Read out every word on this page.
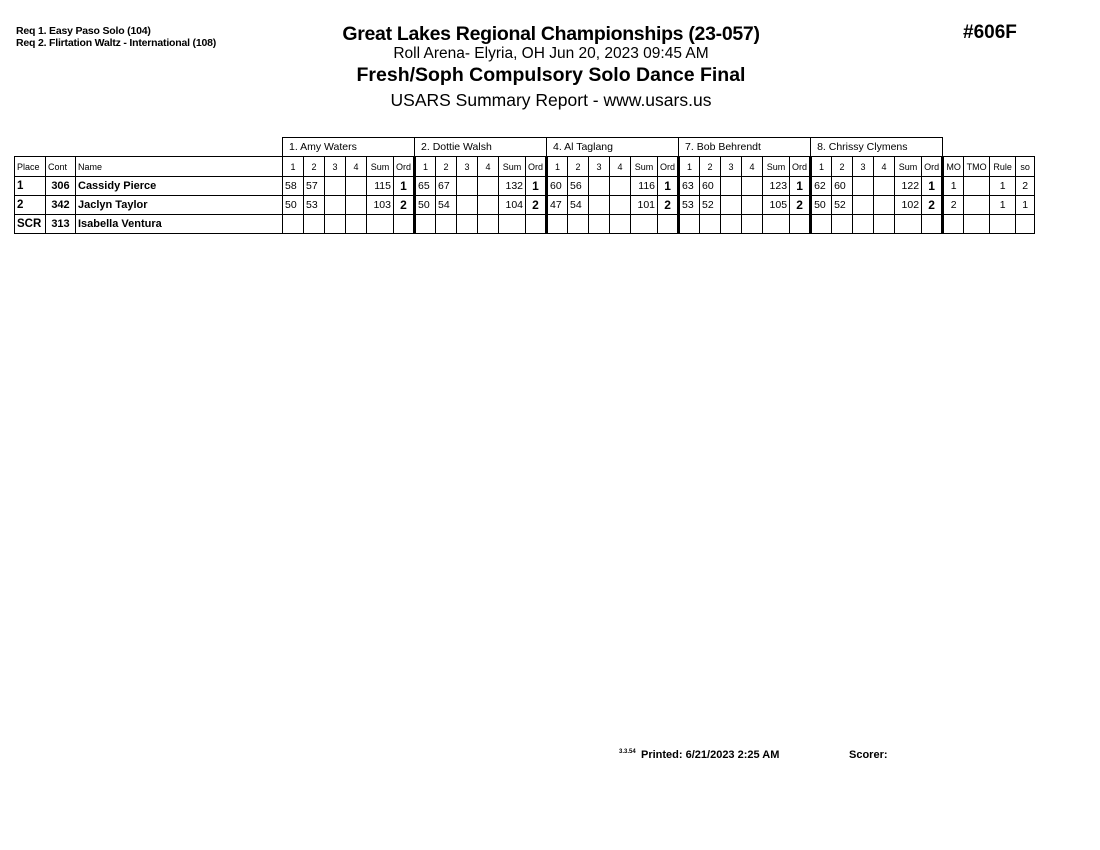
Req 1. Easy Paso Solo (104)
Req 2. Flirtation Waltz - International (108)	Great Lakes Regional Championships (23-057)
Roll Arena- Elyria, OH Jun 20, 2023 09:45 AM
Fresh/Soph Compulsory Solo Dance Final
USARS Summary Report - www.usars.us
#606F
			1. Amy Waters						2. Dottie Walsh						4. Al Taglang						7. Bob Behrendt						8. Chrissy Clymens									
Place	Cont	Name	1	2	3	4	Sum	Ord	1	2	3	4	Sum	Ord	1	2	3	4	Sum	Ord	1	2	3	4	Sum	Ord	1	2	3	4	Sum	Ord	MO	TMO	Rule	so
1	306	Cassidy Pierce	58	57			115	1	65	67			132	1	60	56			116	1	63	60			123	1	62	60			122	1	1		1	2
2	342	Jaclyn Taylor	50	53			103	2	50	54			104	2	47	54			101	2	53	52			105	2	50	52			102	2	2		1	1
SCR	313	Isabella Ventura																																		
3.3.54 Printed: 6/21/2023 2:25 AM	Scorer:
